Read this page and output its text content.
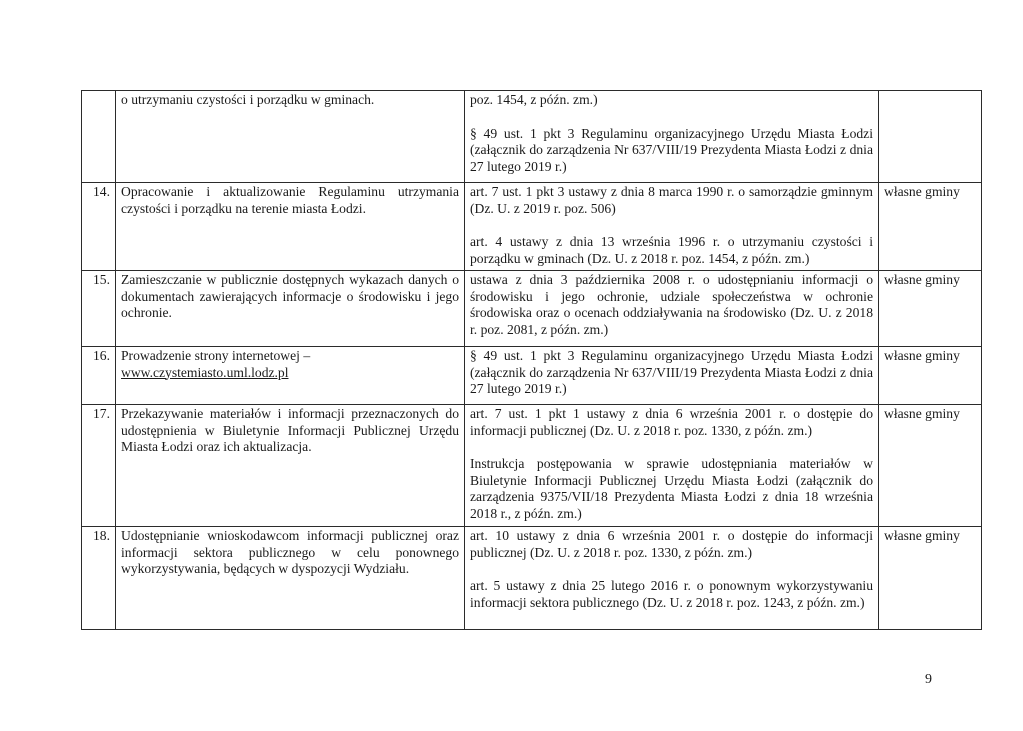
	o utrzymaniu czystości i porządku w gminach.	poz. 1454, z późn. zm.)

§ 49 ust. 1 pkt 3 Regulaminu organizacyjnego Urzędu Miasta Łodzi (załącznik do zarządzenia Nr 637/VIII/19 Prezydenta Miasta Łodzi z dnia 27 lutego 2019 r.)	

14.	Opracowanie i aktualizowanie Regulaminu utrzymania czystości i porządku na terenie miasta Łodzi.	art. 7 ust. 1 pkt 3 ustawy z dnia 8 marca 1990 r. o samorządzie gminnym (Dz. U. z 2019 r. poz. 506)

art. 4 ustawy z dnia 13 września 1996 r. o utrzymaniu czystości i porządku w gminach (Dz. U. z 2018 r. poz. 1454, z późn. zm.)	własne gminy
15.	Zamieszczanie w publicznie dostępnych wykazach danych o dokumentach zawierających informacje o środowisku i jego ochronie.	ustawa z dnia 3 października 2008 r. o udostępnianiu informacji o środowisku i jego ochronie, udziale społeczeństwa w ochronie środowiska oraz o ocenach oddziaływania na środowisko (Dz. U. z 2018 r. poz. 2081, z późn. zm.)	własne gminy
16.	Prowadzenie strony internetowej –
www.czystemiasto.uml.lodz.pl	§ 49 ust. 1 pkt 3 Regulaminu organizacyjnego Urzędu Miasta Łodzi (załącznik do zarządzenia Nr 637/VIII/19 Prezydenta Miasta Łodzi z dnia 27 lutego 2019 r.)	własne gminy
17.	Przekazywanie materiałów i informacji przeznaczonych do udostępnienia w Biuletynie Informacji Publicznej Urzędu Miasta Łodzi oraz ich aktualizacja.	art. 7 ust. 1 pkt 1 ustawy z dnia 6 września 2001 r. o dostępie do informacji publicznej (Dz. U. z 2018 r. poz. 1330, z późn. zm.)

Instrukcja postępowania w sprawie udostępniania materiałów w Biuletynie Informacji Publicznej Urzędu Miasta Łodzi (załącznik do zarządzenia 9375/VII/18 Prezydenta Miasta Łodzi z dnia 18 września 2018 r., z późn. zm.)	własne gminy
18.	Udostępnianie wnioskodawcom informacji publicznej oraz informacji sektora publicznego w celu ponownego wykorzystywania, będących w dyspozycji Wydziału.	art. 10 ustawy z dnia 6 września 2001 r. o dostępie do informacji publicznej (Dz. U. z 2018 r. poz. 1330, z późn. zm.)

art. 5 ustawy z dnia 25 lutego 2016 r. o ponownym wykorzystywaniu informacji sektora publicznego (Dz. U. z 2018 r. poz. 1243, z późn. zm.)	własne gminy
9
